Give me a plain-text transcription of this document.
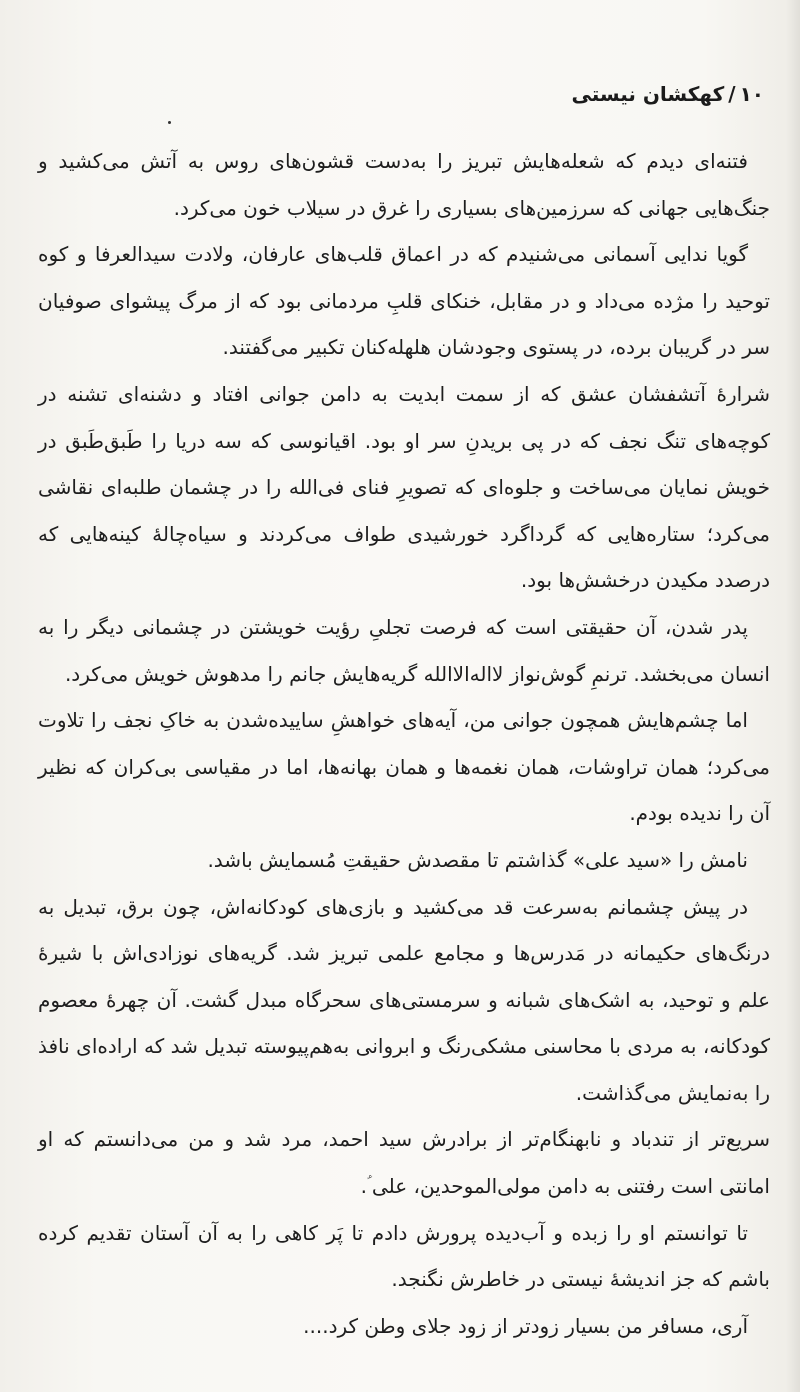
۱۰/کهکشان نیستی

فتنه‌ای دیدم که شعله‌هایش تبریز را به‌دست قشون‌های روس به آتش می‌کشید و جنگ‌هایی جهانی که سرزمین‌های بسیاری را غرق در سیلاب خون می‌کرد.

گویا ندایی آسمانی می‌شنیدم که در اعماق قلب‌های عارفان، ولادت سیدالعرفا و کوه توحید را مژده می‌داد و در مقابل، خنکای قلبِ مردمانی بود که از مرگ پیشوای صوفیان سر در گریبان برده، در پستوی وجودشان هلهله‌کنان تکبیر می‌گفتند.

شرارهٔ آتشفشان عشق که از سمت ابدیت به دامن جوانی افتاد و دشنه‌ای تشنه در کوچه‌های تنگ نجف که در پی بریدنِ سر او بود. اقیانوسی که سه دریا را طَبق‌طَبق در خویش نمایان می‌ساخت و جلوه‌ای که تصویرِ فنای فی‌الله را در چشمان طلبه‌ای نقاشی می‌کرد؛ ستاره‌هایی که گرداگرد خورشیدی طواف می‌کردند و سیاه‌چالهٔ کینه‌هایی که درصدد مکیدن درخشش‌ها بود.

پدر شدن، آن حقیقتی است که فرصت تجلیِ رؤیت خویشتن در چشمانی دیگر را به انسان می‌بخشد. ترنمِ گوش‌نواز لااله‌الاالله گریه‌هایش جانم را مدهوش خویش می‌کرد.

اما چشم‌هایش همچون جوانی من، آیه‌های خواهشِ ساییده‌شدن به خاکِ نجف را تلاوت می‌کرد؛ همان تراوشات، همان نغمه‌ها و همان بهانه‌ها، اما در مقیاسی بی‌کران که نظیر آن را ندیده بودم.

نامش را «سید علی» گذاشتم تا مقصدش حقیقتِ مُسمایش باشد.

در پیش چشمانم به‌سرعت قد می‌کشید و بازی‌های کودکانه‌اش، چون برق، تبدیل به درنگ‌های حکیمانه در مَدرس‌ها و مجامع علمی تبریز شد. گریه‌های نوزادی‌اش با شیرهٔ علم و توحید، به اشک‌های شبانه و سرمستی‌های سحرگاه مبدل گشت. آن چهرهٔ معصوم کودکانه، به مردی با محاسنی مشکی‌رنگ و ابروانی به‌هم‌پیوسته تبدیل شد که اراده‌ای نافذ را به‌نمایش می‌گذاشت.

سریع‌تر از تندباد و نابهنگام‌تر از برادرش سید احمد، مرد شد و من می‌دانستم که او امانتی است رفتنی به دامن مولی‌الموحدین، علی ؑ.

تا توانستم او را زبده و آب‌دیده پرورش دادم تا پَر کاهی را به آن آستان تقدیم کرده باشم که جز اندیشهٔ نیستی در خاطرش نگنجد.

آری، مسافر من بسیار زودتر از زود جلای وطن کرد....
